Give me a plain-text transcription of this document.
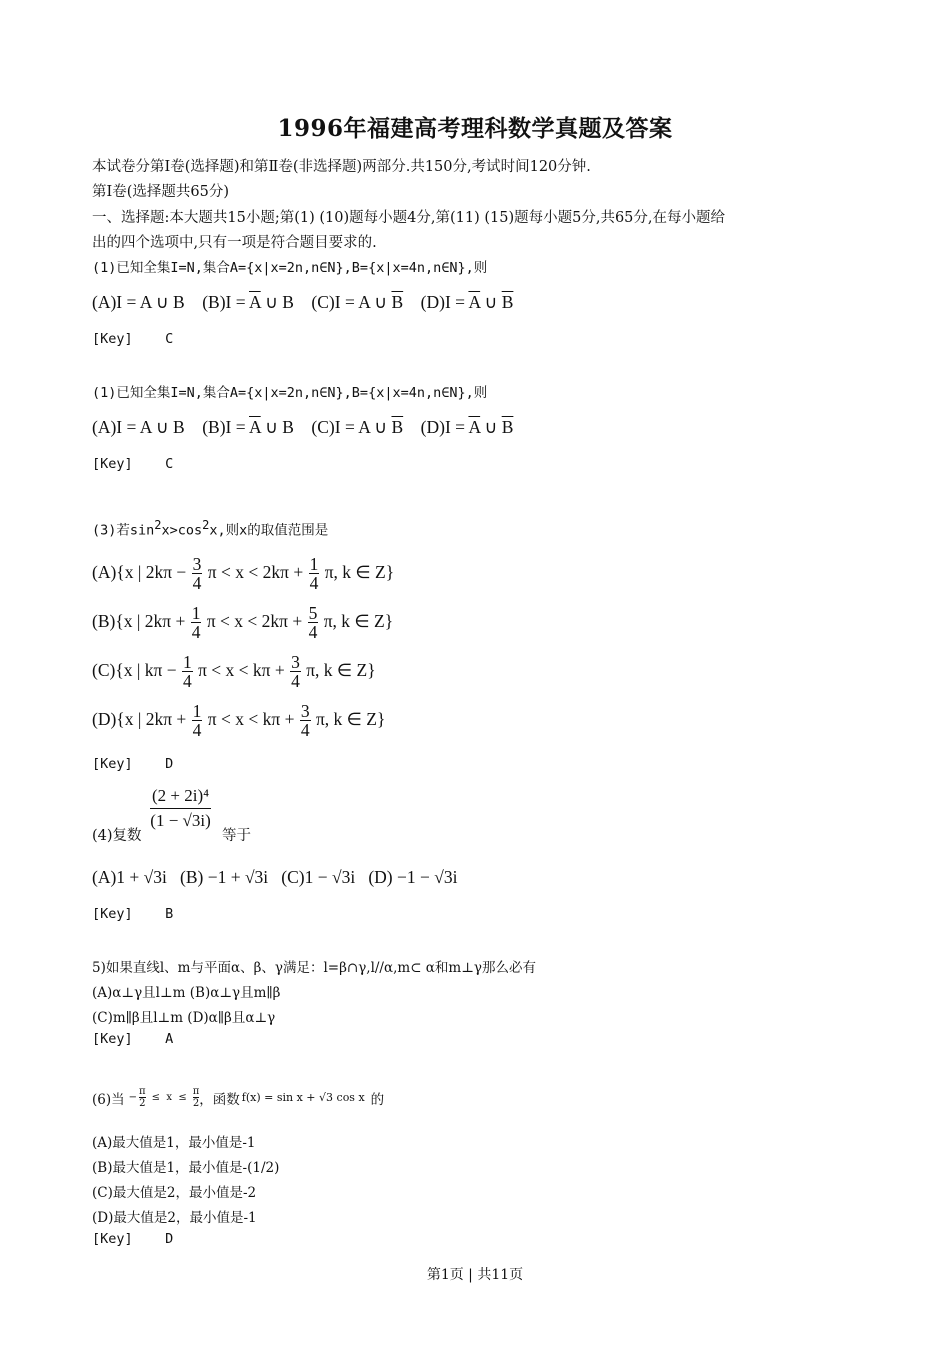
1996年福建高考理科数学真题及答案
本试卷分第Ⅰ卷(选择题)和第Ⅱ卷(非选择题)两部分.共150分,考试时间120分钟.
第Ⅰ卷(选择题共65分)
一、选择题:本大题共15小题;第(1) (10)题每小题4分,第(11) (15)题每小题5分,共65分,在每小题给
出的四个选项中,只有一项是符合题目要求的.
(1)已知全集I=N,集合A={x|x=2n,n∈N},B={x|x=4n,n∈N},则
(A)I = A ∪ B $(B)I = \overline{A}$ ∪ B (C)I = A ∪ $\overline{B}$ $(D)I = \overline{A}$ ∪ $\overline{B}$
[Key]    C
(1)已知全集I=N,集合A={x|x=2n,n∈N},B={x|x=4n,n∈N},则
(A)I = A ∪ B $(B)I = \overline{A}$ ∪ B (C)I = A ∪ $\overline{B}$ $(D)I = \overline{A}$ ∪ $\overline{B}$
[Key]    C
(3)若$\sin^2x>\cos^2x$,则x的取值范围是
(A){x | $2k\pi - \frac{3}{4}$ $\pi < x < 2k\pi + \frac{1}{4} \pi$, k ∈ Z}
(B){x | $2k\pi + \frac{1}{4}$ $\pi < x < 2k\pi + \frac{5}{4} \pi$, k ∈ Z}
(C){x | $k\pi - \frac{1}{4}$ $\pi < x < k\pi + \frac{3}{4} \pi$, k ∈ Z}
(D){x | $2k\pi + \frac{1}{4}$ $\pi < x < k\pi + \frac{3}{4} \pi$, k ∈ Z}
[Key]    D
(2 + 2i)⁴
(1 − √3i)
(4)复数	等于
(A)1 + √3i   (B) −1 + √3i   (C)1 − √3i   (D) −1 − √3i
[Key]    B
5)如果直线l、m与平面α、β、γ满足：l=β∩γ,l//α,m⊂ α和m⊥γ那么必有
(A)α⊥γ且l⊥m (B)α⊥γ且m∥β
(C)m∥β且l⊥m (D)α∥β且α⊥γ
[Key]    A
(6)当 − $\frac{\pi}{2} \le x \le \frac{\pi}{2}$ ，函数 f(x) = sin x + √3 cos x 的
(A)最大值是1，最小值是-1
(B)最大值是1，最小值是-(1/2)
(C)最大值是2，最小值是-2
(D)最大值是2，最小值是-1
[Key]    D
第1页 | 共11页
